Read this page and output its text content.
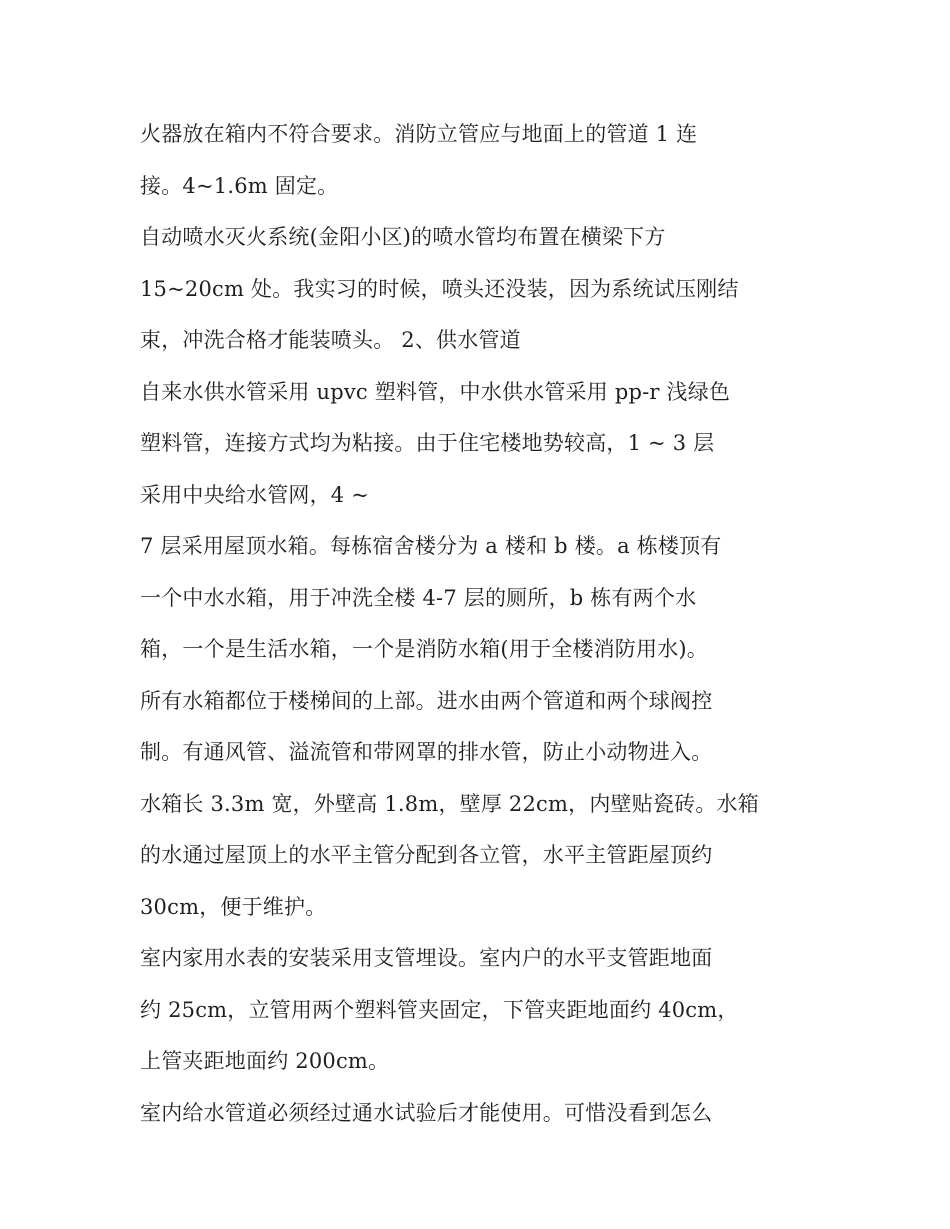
火器放在箱内不符合要求。消防立管应与地面上的管道 1 连
接。4~1.6m 固定。
自动喷水灭火系统(金阳小区)的喷水管均布置在横梁下方
15~20cm 处。我实习的时候，喷头还没装，因为系统试压刚结
束，冲洗合格才能装喷头。 2、供水管道
自来水供水管采用 upvc 塑料管，中水供水管采用 pp-r 浅绿色
塑料管，连接方式均为粘接。由于住宅楼地势较高，1 ~ 3 层
采用中央给水管网，4 ~
7 层采用屋顶水箱。每栋宿舍楼分为 a 楼和 b 楼。a 栋楼顶有
一个中水水箱，用于冲洗全楼 4-7 层的厕所，b 栋有两个水
箱，一个是生活水箱，一个是消防水箱(用于全楼消防用水)。
所有水箱都位于楼梯间的上部。进水由两个管道和两个球阀控
制。有通风管、溢流管和带网罩的排水管，防止小动物进入。
水箱长 3.3m 宽，外壁高 1.8m，壁厚 22cm，内壁贴瓷砖。水箱
的水通过屋顶上的水平主管分配到各立管，水平主管距屋顶约
30cm，便于维护。
室内家用水表的安装采用支管埋设。室内户的水平支管距地面
约 25cm，立管用两个塑料管夹固定，下管夹距地面约 40cm，
上管夹距地面约 200cm。
室内给水管道必须经过通水试验后才能使用。可惜没看到怎么
